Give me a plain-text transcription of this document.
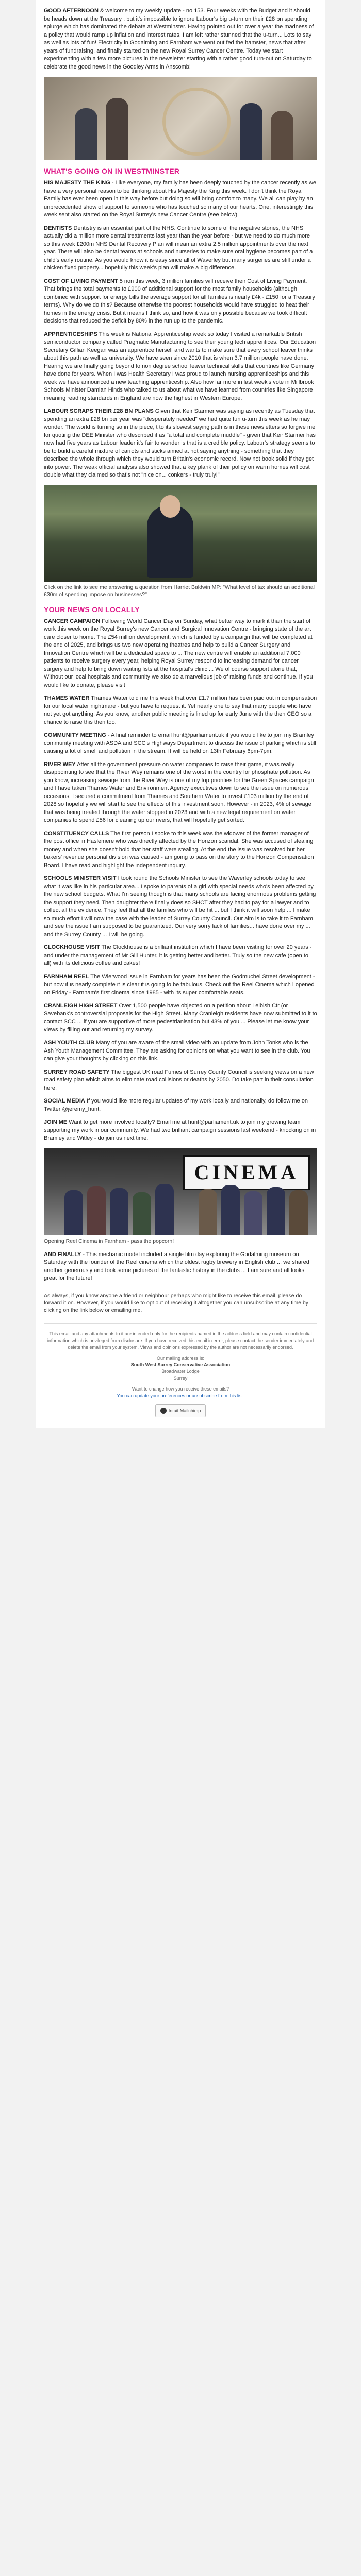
GOOD AFTERNOON & welcome to my weekly update - no 153. Four weeks with the Budget and it should be heads down at the Treasury , but it's impossible to ignore Labour's big u-turn on their £28 bn spending splurge which has dominated the debate at Westminster. Having pointed out for over a year the madness of a policy that would ramp up inflation and interest rates, I am left rather stunned that the u-turn... Lots to say as well as lots of fun! Electricity in Godalming and Farnham we went out fed the hamster, news that after years of fundraising, and finally started on the new Royal Surrey Cancer Centre. Today we start experimenting with a few more pictures in the newsletter starting with a rather good turn-out on Saturday to celebrate the good news in the Goodley Arms in Anscomb!
WHAT'S GOING ON IN WESTMINSTER

HIS MAJESTY THE KING - Like everyone, my family has been deeply touched by the cancer recently as we have a very personal reason to be thinking about His Majesty the King this week. I don't think the Royal Family has ever been open in this way before but doing so will bring comfort to many. We all can play by an unprecedented show of support to someone who has touched so many of our hearts. One, interestingly this week sent also started on the Royal Surrey's new Cancer Centre (see below).

DENTISTS Dentistry is an essential part of the NHS. Continue to some of the negative stories, the NHS actually did a million more dental treatments last year than the year before - but we need to do much more so this week £200m NHS Dental Recovery Plan will mean an extra 2.5 million appointments over the next year. There will also be dental teams at schools and nurseries to make sure oral hygiene becomes part of a child's early routine. As you would know it is easy since all of Waverley but many surgeries are still under a chicken fixed property... hopefully this week's plan will make a big difference.

COST OF LIVING PAYMENT 5 non this week, 3 million families will receive their Cost of Living Payment. That brings the total payments to £900 of additional support for the most family households (although combined with support for energy bills the average support for all families is nearly £4k - £150 for a Treasury terms). Why do we do this? Because otherwise the poorest households would have struggled to heat their homes in the energy crisis. But it means I think so, and how it was only possible because we took difficult decisions that reduced the deficit by 80% in the run up to the pandemic.

APPRENTICESHIPS This week is National Apprenticeship week so today I visited a remarkable British semiconductor company called Pragmatic Manufacturing to see their young tech apprentices. Our Education Secretary Gillian Keegan was an apprentice herself and wants to make sure that every school leaver thinks about this path as well as university. We have seen since 2010 that is when 3.7 million people have done. Hearing we are finally going beyond to non degree school leaver technical skills that countries like Germany have done for years. When I was Health Secretary I was proud to launch nursing apprenticeships and this week we have announced a new teaching apprenticeship. Also how far more in last week's vote in Millbrook Schools Minister Damian Hinds who talked to us about what we have learned from countries like Singapore meaning reading standards in England are now the highest in Western Europe.

LABOUR SCRAPS THEIR £28 BN PLANS Given that Keir Starmer was saying as recently as Tuesday that spending an extra £28 bn per year was "desperately needed" we had quite fun u-turn this week as he may wonder. The world is turning so in the piece, t to its slowest saying path is in these newsletters so forgive me for quoting the DEE Minister who described it as "a total and complete muddle" - given that Keir Starmer has now had five years as Labour leader it's fair to wonder is that is a credible policy. Labour's strategy seems to be to build a careful mixture of carrots and sticks aimed at not saying anything - something that they described the whole through which they would turn Britain's economic record. Now not book solid if they get into power. The weak official analysis also showed that a key plank of their policy on warm homes will cost double what they claimed so that's not "nice on... conkers - truly truly!"

Click on the link to see me answering a question from Harriet Baldwin MP: "What level of tax should an additional £30m of spending impose on businesses?"
YOUR NEWS ON LOCALLY

CANCER CAMPAIGN Following World Cancer Day on Sunday, what better way to mark it than the start of work this week on the Royal Surrey's new Cancer and Surgical Innovation Centre - bringing state of the art care closer to home. The £54 million development, which is funded by a campaign that will be completed at the end of 2025, and brings us two new operating theatres and help to build a Cancer Surgery and Innovation Centre which will be a dedicated space to ... The new centre will enable an additional 7,000 patients to receive surgery every year, helping Royal Surrey respond to increasing demand for cancer surgery and help to bring down waiting lists at the hospital's clinic ... We of course support alone that, Without our local hospitals and community we also do a marvellous job of raising funds and continue. If you would like to donate, please visit

THAMES WATER Thames Water told me this week that over £1.7 million has been paid out in compensation for our local water nightmare - but you have to request it. Yet nearly one to say that many people who have not yet got anything. As you know, another public meeting is lined up for early June with the then CEO so a chance to raise this then too.

COMMUNITY MEETING - A final reminder to email hunt@parliament.uk if you would like to join my Bramley community meeting with ASDA and SCC's Highways Department to discuss the issue of parking which is still causing a lot of smell and pollution in the stream. It will be held on 13th February 6pm-7pm.

RIVER WEY After all the government pressure on water companies to raise their game, it was really disappointing to see that the River Wey remains one of the worst in the country for phosphate pollution. As you know, increasing sewage from the River Wey is one of my top priorities for the Green Spaces campaign and I have taken Thames Water and Environment Agency executives down to see the issue on numerous occasions. I secured a commitment from Thames and Southern Water to invest £103 million by the end of 2028 so hopefully we will start to see the effects of this investment soon. However - in 2023, 4% of sewage that was being treated through the water stopped in 2023 and with a new legal requirement on water companies to spend £56 for cleaning up our rivers, that will hopefully get sorted.

CONSTITUENCY CALLS The first person I spoke to this week was the widower of the former manager of the post office in Haslemere who was directly affected by the Horizon scandal. She was accused of stealing money and when she doesn't hold that her staff were stealing. At the end the issue was resolved but her bakers' revenue personal division was caused - am going to pass on the story to the Horizon Compensation Board. I have read and highlight the independent inquiry.

SCHOOLS MINISTER VISIT I took round the Schools Minister to see the Waverley schools today to see what it was like in his particular area... I spoke to parents of a girl with special needs who's been affected by the new school budgets. What I'm seeing though is that many schools are facing enormous problems getting the support they need. Then daughter there finally does so SHCT after they had to pay for a lawyer and to collect all the evidence. They feel that all the families who will be hit ... but I think it will soon help ... I make so much effort I will now the case with the leader of Surrey County Council. Our aim is to take it to Farnham and see the issue I am supposed to be guaranteed. Our very sorry lack of families... have done over my ... and the Surrey County ... I will be going.

CLOCKHOUSE VISIT The Clockhouse is a brilliant institution which I have been visiting for over 20 years - and under the management of Mr Gill Hunter, it is getting better and better. Truly so the new cafe (open to all) with its delicious coffee and cakes!

FARNHAM REEL The Wierwood issue in Farnham for years has been the Godmuchel Street development - but now it is nearly complete it is clear it is going to be fabulous. Check out the Reel Cinema which I opened on Friday - Farnham's first cinema since 1985 - with its super comfortable seats.

CRANLEIGH HIGH STREET Over 1,500 people have objected on a petition about Leibish Ctr (or Savebank's controversial proposals for the High Street. Many Cranleigh residents have now submitted to it to contact SCC ... if you are supportive of more pedestrianisation but 43% of you ... Please let me know your views by filling out and returning my survey.

ASH YOUTH CLUB Many of you are aware of the small video with an update from John Tonks who is the Ash Youth Management Committee. They are asking for opinions on what you want to see in the club. You can give your thoughts by clicking on this link.

SURREY ROAD SAFETY The biggest UK road Fumes of Surrey County Council is seeking views on a new road safety plan which aims to eliminate road collisions or deaths by 2050. Do take part in their consultation here.

SOCIAL MEDIA If you would like more regular updates of my work locally and nationally, do follow me on Twitter @jeremy_hunt.

JOIN ME Want to get more involved locally? Email me at hunt@parliament.uk to join my growing team supporting my work in our community. We had two brilliant campaign sessions last weekend - knocking on in Bramley and Witley - do join us next time.

CINEMA
Opening Reel Cinema in Farnham - pass the popcorn!

AND FINALLY - This mechanic model included a single film day exploring the Godalming museum on Saturday with the founder of the Reel cinema which the oldest rugby brewery in English club ... we shared another generously and took some pictures of the fantastic history in the clubs ... I am sure and all looks great for the future!

As always, if you know anyone a friend or neighbour perhaps who might like to receive this email, please do forward it on. However, if you would like to opt out of receiving it altogether you can unsubscribe at any time by clicking on the link below or emailing me.
This email and any attachments to it are intended only for the recipients named in the address field and may contain confidential information which is privileged from disclosure. If you have received this email in error, please contact the sender immediately and delete the email from your system. Views and opinions expressed by the author are not necessarily endorsed.
Our mailing address is:
South West Surrey Conservative Association
Broadwater Lodge
Surrey
Want to change how you receive these emails?
You can update your preferences or unsubscribe from this list.
Intuit Mailchimp
